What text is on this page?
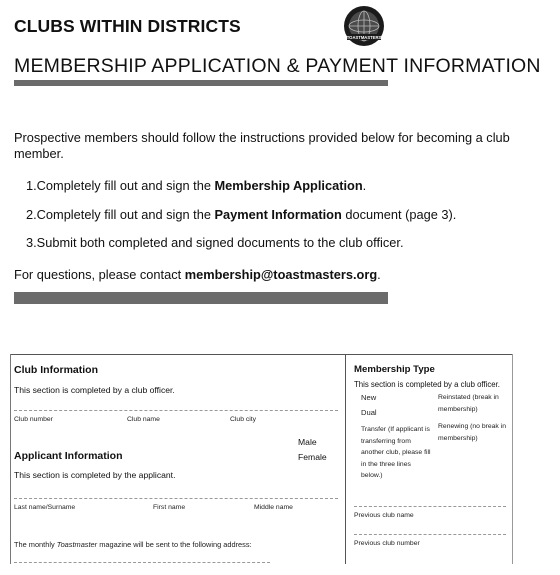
CLUBS WITHIN DISTRICTS
TOASTMASTERS
MEMBERSHIP APPLICATION & PAYMENT INFORMATION
Prospective members should follow the instructions provided below for becoming a club member.
1.Completely fill out and sign the Membership Application.
2.Completely fill out and sign the Payment Information document (page 3).
3.Submit both completed and signed documents to the club officer.
For questions, please contact membership@toastmasters.org.
Club Information
This section is completed by a club officer.
Club number	Club name	Club city
Male
Female
Applicant Information
This section is completed by the applicant.
Last name/Surname	First name	Middle name
The monthly Toastmaster magazine will be sent to the following address:
Membership Type
This section is completed by a club officer.
New
Dual
Transfer (If applicant is transferring from another club, please fill in the three lines below.)
Reinstated (break in membership)
Renewing (no break in membership)
Previous club name
Previous club number
